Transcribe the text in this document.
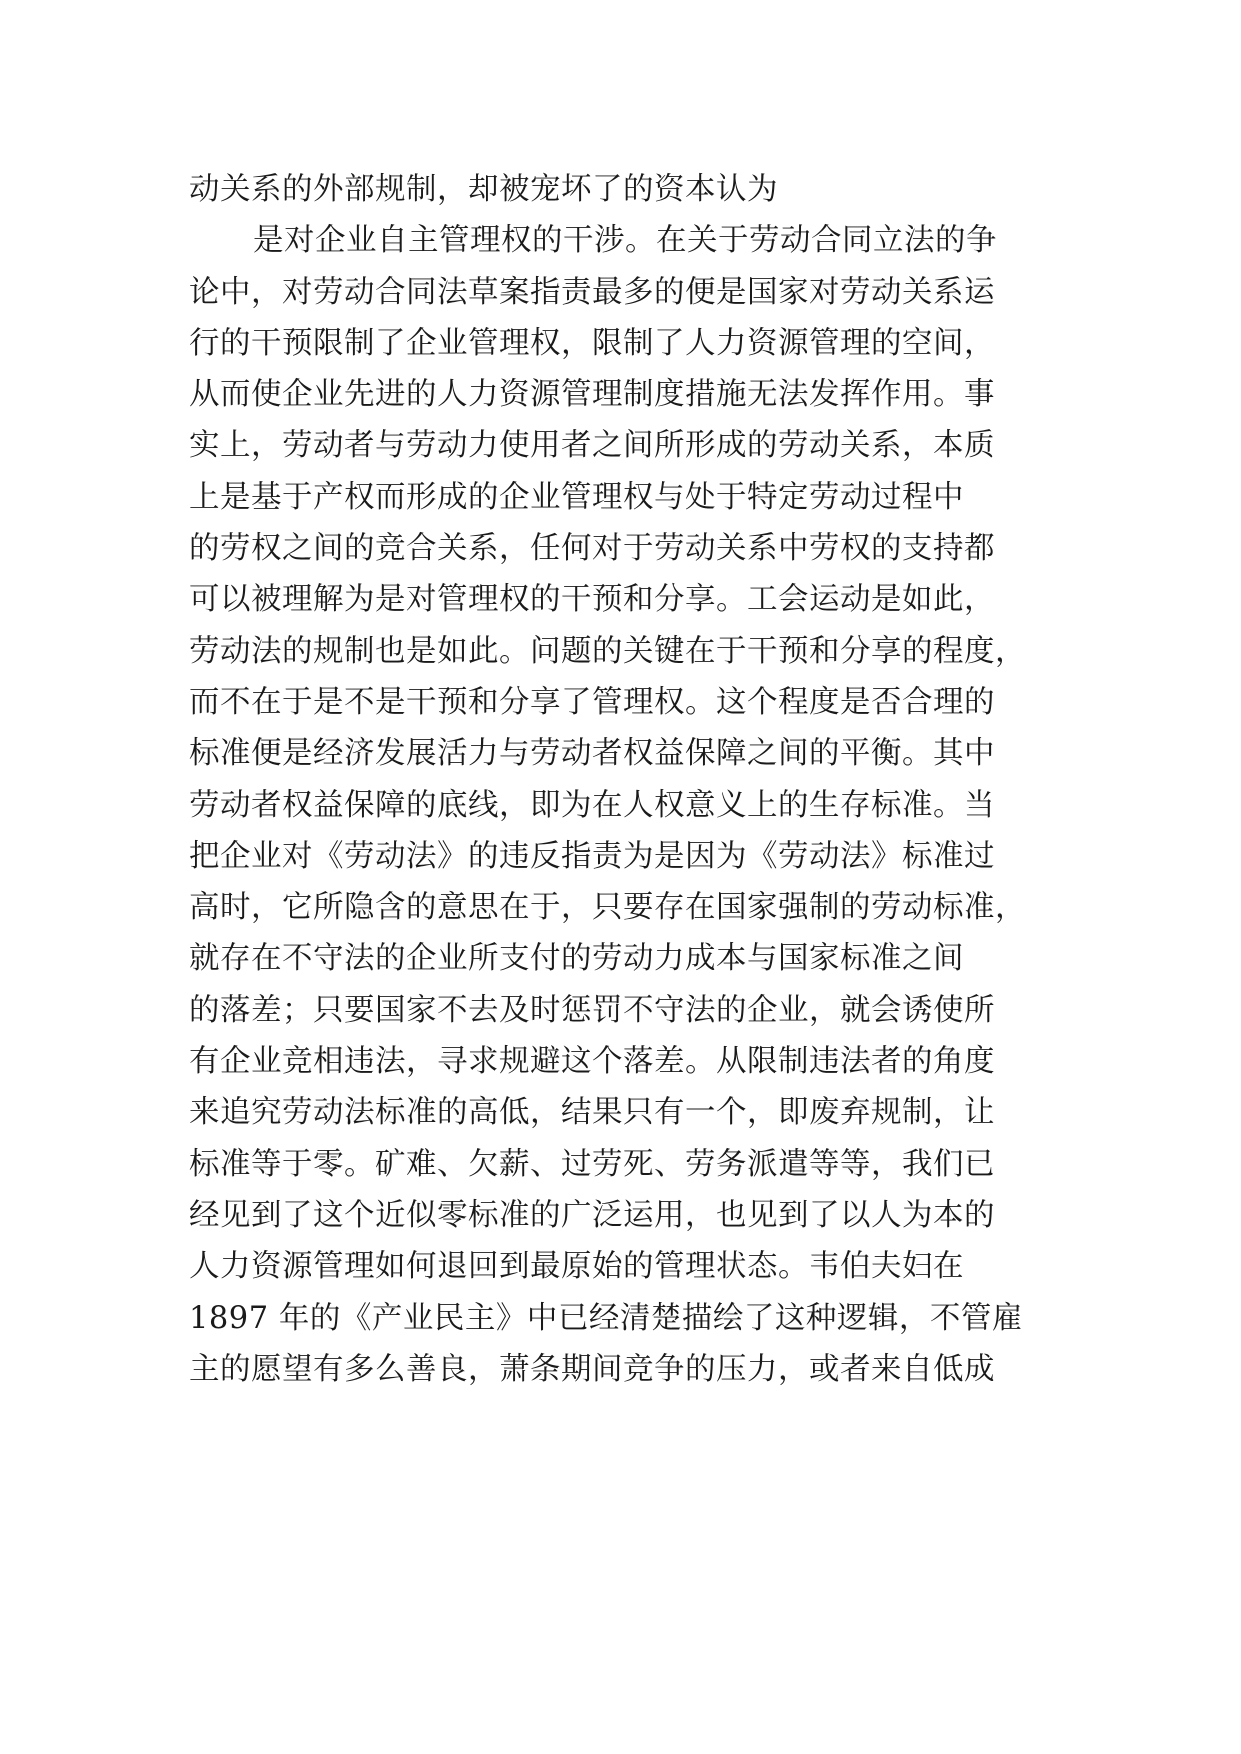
动关系的外部规制，却被宠坏了的资本认为
是对企业自主管理权的干涉。在关于劳动合同立法的争
论中，对劳动合同法草案指责最多的便是国家对劳动关系运
行的干预限制了企业管理权，限制了人力资源管理的空间，
从而使企业先进的人力资源管理制度措施无法发挥作用。事
实上，劳动者与劳动力使用者之间所形成的劳动关系，本质
上是基于产权而形成的企业管理权与处于特定劳动过程中
的劳权之间的竞合关系，任何对于劳动关系中劳权的支持都
可以被理解为是对管理权的干预和分享。工会运动是如此，
劳动法的规制也是如此。问题的关键在于干预和分享的程度，
而不在于是不是干预和分享了管理权。这个程度是否合理的
标准便是经济发展活力与劳动者权益保障之间的平衡。其中
劳动者权益保障的底线，即为在人权意义上的生存标准。当
把企业对《劳动法》的违反指责为是因为《劳动法》标准过
高时，它所隐含的意思在于，只要存在国家强制的劳动标准，
就存在不守法的企业所支付的劳动力成本与国家标准之间
的落差；只要国家不去及时惩罚不守法的企业，就会诱使所
有企业竞相违法，寻求规避这个落差。从限制违法者的角度
来追究劳动法标准的高低，结果只有一个，即废弃规制，让
标准等于零。矿难、欠薪、过劳死、劳务派遣等等，我们已
经见到了这个近似零标准的广泛运用，也见到了以人为本的
人力资源管理如何退回到最原始的管理状态。韦伯夫妇在
1897 年的《产业民主》中已经清楚描绘了这种逻辑，不管雇
主的愿望有多么善良，萧条期间竞争的压力，或者来自低成
